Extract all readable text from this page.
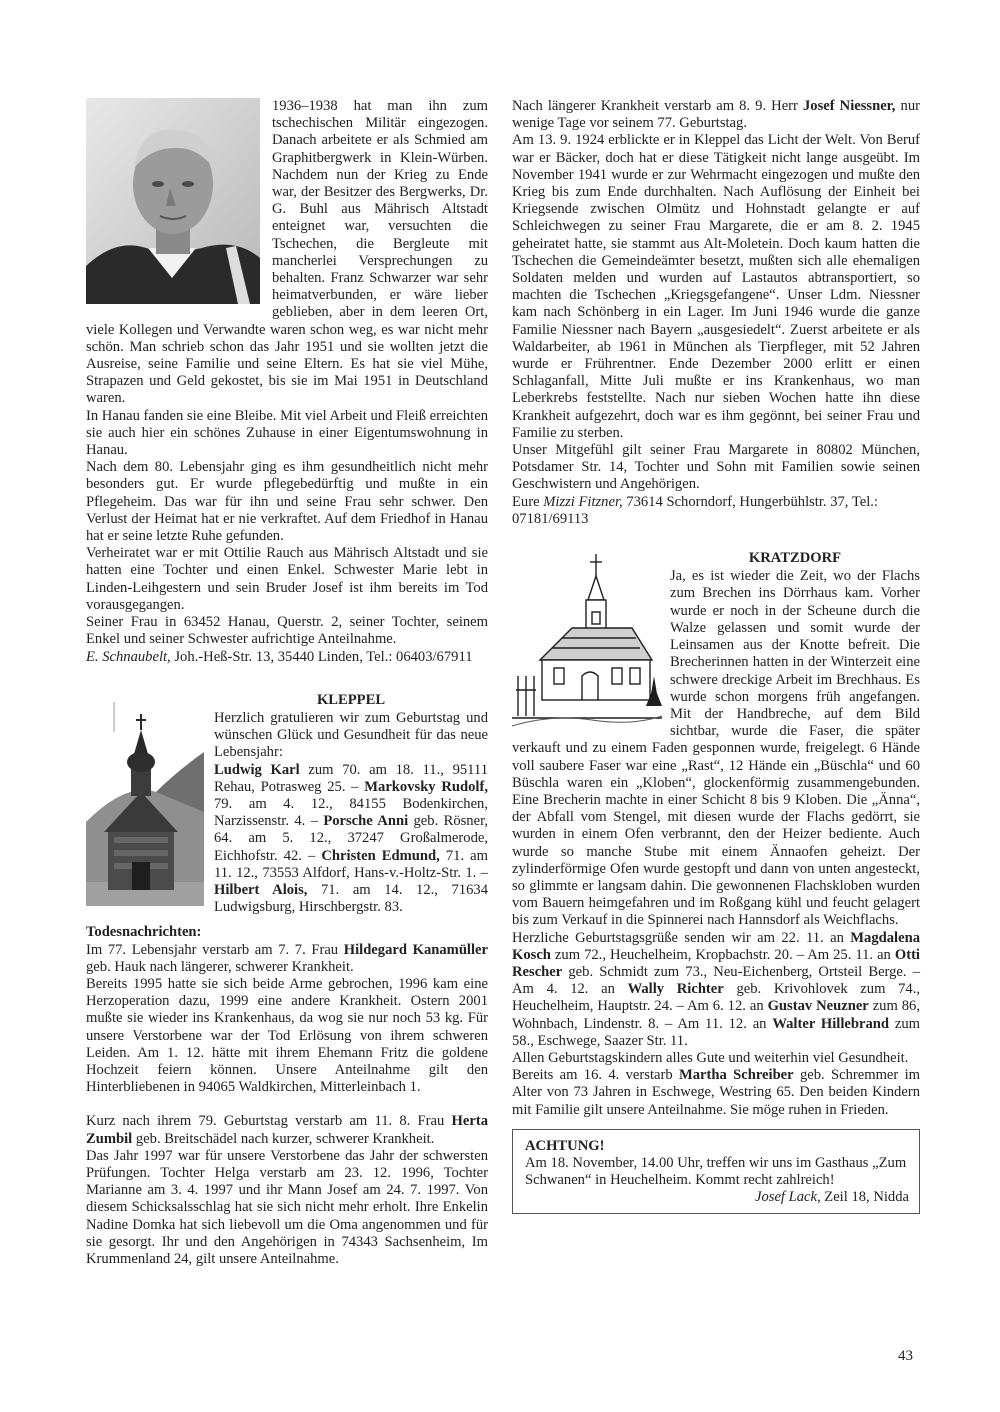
1936–1938 hat man ihn zum tschechischen Militär eingezogen. Danach arbeitete er als Schmied am Graphitbergwerk in Klein-Würben. Nachdem nun der Krieg zu Ende war, der Besitzer des Bergwerks, Dr. G. Buhl aus Mährisch Altstadt enteignet war, versuchten die Tschechen, die Bergleute mit mancherlei Versprechungen zu behalten. Franz Schwarzer war sehr heimatverbunden, er wäre lieber geblieben, aber in dem leeren Ort, viele Kollegen und Verwandte waren schon weg, es war nicht mehr schön. Man schrieb schon das Jahr 1951 und sie wollten jetzt die Ausreise, seine Familie und seine Eltern. Es hat sie viel Mühe, Strapazen und Geld gekostet, bis sie im Mai 1951 in Deutschland waren.

In Hanau fanden sie eine Bleibe. Mit viel Arbeit und Fleiß erreichten sie auch hier ein schönes Zuhause in einer Eigentumswohnung in Hanau.

Nach dem 80. Lebensjahr ging es ihm gesundheitlich nicht mehr besonders gut. Er wurde pflegebedürftig und mußte in ein Pflegeheim. Das war für ihn und seine Frau sehr schwer. Den Verlust der Heimat hat er nie verkraftet. Auf dem Friedhof in Hanau hat er seine letzte Ruhe gefunden.

Verheiratet war er mit Ottilie Rauch aus Mährisch Altstadt und sie hatten eine Tochter und einen Enkel. Schwester Marie lebt in Linden-Leihgestern und sein Bruder Josef ist ihm bereits im Tod vorausgegangen.

Seiner Frau in 63452 Hanau, Querstr. 2, seiner Tochter, seinem Enkel und seiner Schwester aufrichtige Anteilnahme.

E. Schnaubelt, Joh.-Heß-Str. 13, 35440 Linden, Tel.: 06403/67911

KLEPPEL

Herzlich gratulieren wir zum Geburtstag und wünschen Glück und Gesundheit für das neue Lebensjahr:

Ludwig Karl zum 70. am 18. 11., 95111 Rehau, Potrasweg 25. – Markovsky Rudolf, 79. am 4. 12., 84155 Bodenkirchen, Narzissenstr. 4. – Porsche Anni geb. Rösner, 64. am 5. 12., 37247 Großalmerode, Eichhofstr. 42. – Christen Edmund, 71. am 11. 12., 73553 Alfdorf, Hans-v.-Holtz-Str. 1. – Hilbert Alois, 71. am 14. 12., 71634 Ludwigsburg, Hirschbergstr. 83.

Todesnachrichten:

Im 77. Lebensjahr verstarb am 7. 7. Frau Hildegard Kanamüller geb. Hauk nach längerer, schwerer Krankheit.

Bereits 1995 hatte sie sich beide Arme gebrochen, 1996 kam eine Herzoperation dazu, 1999 eine andere Krankheit. Ostern 2001 mußte sie wieder ins Krankenhaus, da wog sie nur noch 53 kg. Für unsere Verstorbene war der Tod Erlösung von ihrem schweren Leiden. Am 1. 12. hätte mit ihrem Ehemann Fritz die goldene Hochzeit feiern können. Unsere Anteilnahme gilt den Hinterbliebenen in 94065 Waldkirchen, Mitterleinbach 1.

Kurz nach ihrem 79. Geburtstag verstarb am 11. 8. Frau Herta Zumbil geb. Breitschädel nach kurzer, schwerer Krankheit.

Das Jahr 1997 war für unsere Verstorbene das Jahr der schwersten Prüfungen. Tochter Helga verstarb am 23. 12. 1996, Tochter Marianne am 3. 4. 1997 und ihr Mann Josef am 24. 7. 1997. Von diesem Schicksalsschlag hat sie sich nicht mehr erholt. Ihre Enkelin Nadine Domka hat sich liebevoll um die Oma angenommen und für sie gesorgt. Ihr und den Angehörigen in 74343 Sachsenheim, Im Krummenland 24, gilt unsere Anteilnahme.

Nach längerer Krankheit verstarb am 8. 9. Herr Josef Niessner, nur wenige Tage vor seinem 77. Geburtstag.

Am 13. 9. 1924 erblickte er in Kleppel das Licht der Welt. Von Beruf war er Bäcker, doch hat er diese Tätigkeit nicht lange ausgeübt. Im November 1941 wurde er zur Wehrmacht eingezogen und mußte den Krieg bis zum Ende durchhalten. Nach Auflösung der Einheit bei Kriegsende zwischen Olmütz und Hohnstadt gelangte er auf Schleichwegen zu seiner Frau Margarete, die er am 8. 2. 1945 geheiratet hatte, sie stammt aus Alt-Moletein. Doch kaum hatten die Tschechen die Gemeindeämter besetzt, mußten sich alle ehemaligen Soldaten melden und wurden auf Lastautos abtransportiert, so machten die Tschechen „Kriegsgefangene“. Unser Ldm. Niessner kam nach Schönberg in ein Lager. Im Juni 1946 wurde die ganze Familie Niessner nach Bayern „ausgesiedelt“. Zuerst arbeitete er als Waldarbeiter, ab 1961 in München als Tierpfleger, mit 52 Jahren wurde er Frührentner. Ende Dezember 2000 erlitt er einen Schlaganfall, Mitte Juli mußte er ins Krankenhaus, wo man Leberkrebs feststellte. Nach nur sieben Wochen hatte ihn diese Krankheit aufgezehrt, doch war es ihm gegönnt, bei seiner Frau und Familie zu sterben.

Unser Mitgefühl gilt seiner Frau Margarete in 80802 München, Potsdamer Str. 14, Tochter und Sohn mit Familien sowie seinen Geschwistern und Angehörigen.

Eure Mizzi Fitzner, 73614 Schorndorf, Hungerbühlstr. 37, Tel.: 07181/69113

KRATZDORF

Ja, es ist wieder die Zeit, wo der Flachs zum Brechen ins Dörrhaus kam. Vorher wurde er noch in der Scheune durch die Walze gelassen und somit wurde der Leinsamen aus der Knotte befreit. Die Brecherinnen hatten in der Winterzeit eine schwere dreckige Arbeit im Brechhaus. Es wurde schon morgens früh angefangen. Mit der Handbreche, auf dem Bild sichtbar, wurde die Faser, die später verkauft und zu einem Faden gesponnen wurde, freigelegt. 6 Hände voll saubere Faser war eine „Rast“, 12 Hände ein „Büschla“ und 60 Büschla waren ein „Kloben“, glockenförmig zusammengebunden. Eine Brecherin machte in einer Schicht 8 bis 9 Kloben. Die „Änna“, der Abfall vom Stengel, mit diesen wurde der Flachs gedörrt, sie wurden in einem Ofen verbrannt, den der Heizer bediente. Auch wurde so manche Stube mit einem Ännaofen geheizt. Der zylinderförmige Ofen wurde gestopft und dann von unten angesteckt, so glimmte er langsam dahin. Die gewonnenen Flachskloben wurden vom Bauern heimgefahren und im Roßgang kühl und feucht gelagert bis zum Verkauf in die Spinnerei nach Hannsdorf als Weichflachs.

Herzliche Geburtstagsgrüße senden wir am 22. 11. an Magdalena Kosch zum 72., Heuchelheim, Kropbachstr. 20. – Am 25. 11. an Otti Rescher geb. Schmidt zum 73., Neu-Eichenberg, Ortsteil Berge. – Am 4. 12. an Wally Richter geb. Krivohlovek zum 74., Heuchelheim, Hauptstr. 24. – Am 6. 12. an Gustav Neuzner zum 86, Wohnbach, Lindenstr. 8. – Am 11. 12. an Walter Hillebrand zum 58., Eschwege, Saazer Str. 11.

Allen Geburtstagskindern alles Gute und weiterhin viel Gesundheit.

Bereits am 16. 4. verstarb Martha Schreiber geb. Schremmer im Alter von 73 Jahren in Eschwege, Westring 65. Den beiden Kindern mit Familie gilt unsere Anteilnahme. Sie möge ruhen in Frieden.

ACHTUNG!

Am 18. November, 14.00 Uhr, treffen wir uns im Gasthaus „Zum Schwanen“ in Heuchelheim. Kommt recht zahlreich!

Josef Lack, Zeil 18, Nidda

43
